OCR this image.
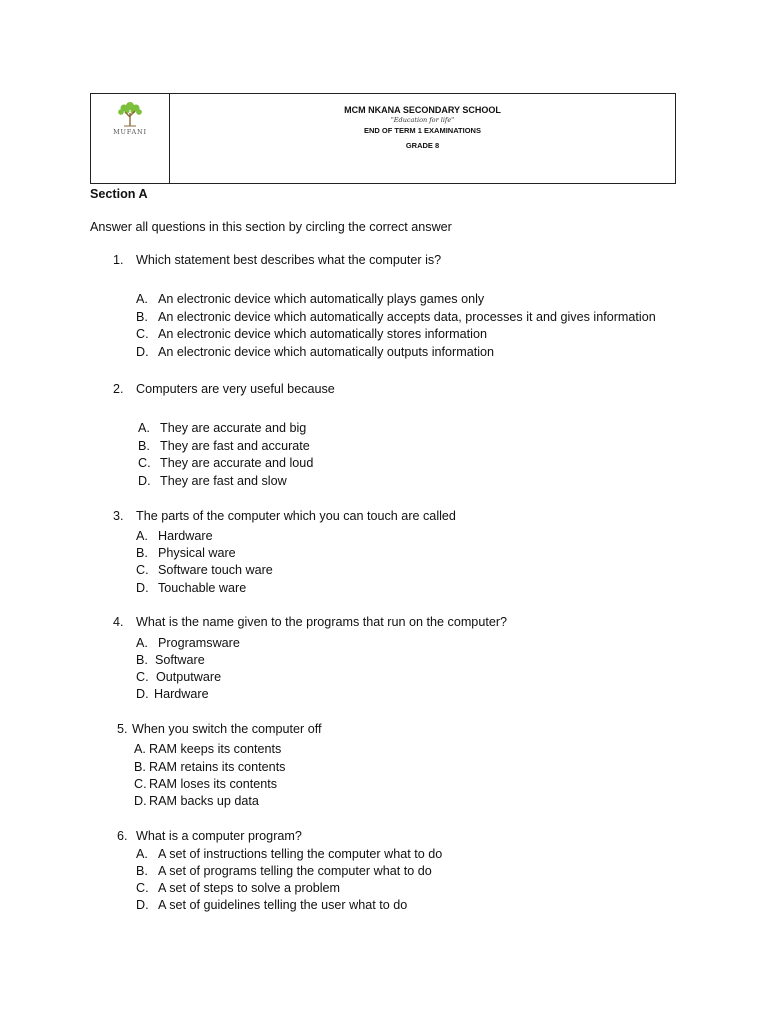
MUFANI
MCM NKANA SECONDARY SCHOOL
"Education for life"
END OF TERM 1 EXAMINATIONS
GRADE 8
Section A
Answer all questions in this section by circling the correct answer
1. Which statement best describes what the computer is?
A. An electronic device which automatically plays games only
B. An electronic device which automatically accepts data, processes it and gives information
C. An electronic device which automatically stores information
D. An electronic device which automatically outputs information
2. Computers are very useful because
A. They are accurate and big
B. They are fast and accurate
C. They are accurate and loud
D. They are fast and slow
3. The parts of the computer which you can touch are called
A. Hardware
B. Physical ware
C. Software touch ware
D. Touchable ware
4. What is the name given to the programs that run on the computer?
A. Programsware
B. Software
C. Outputware
D. Hardware
5. When you switch the computer off
A. RAM keeps its contents
B. RAM retains its contents
C. RAM loses its contents
D. RAM backs up data
6. What is a computer program?
A. A set of instructions telling the computer what to do
B. A set of programs telling the computer what to do
C. A set of steps to solve a problem
D. A set of guidelines telling the user what to do
